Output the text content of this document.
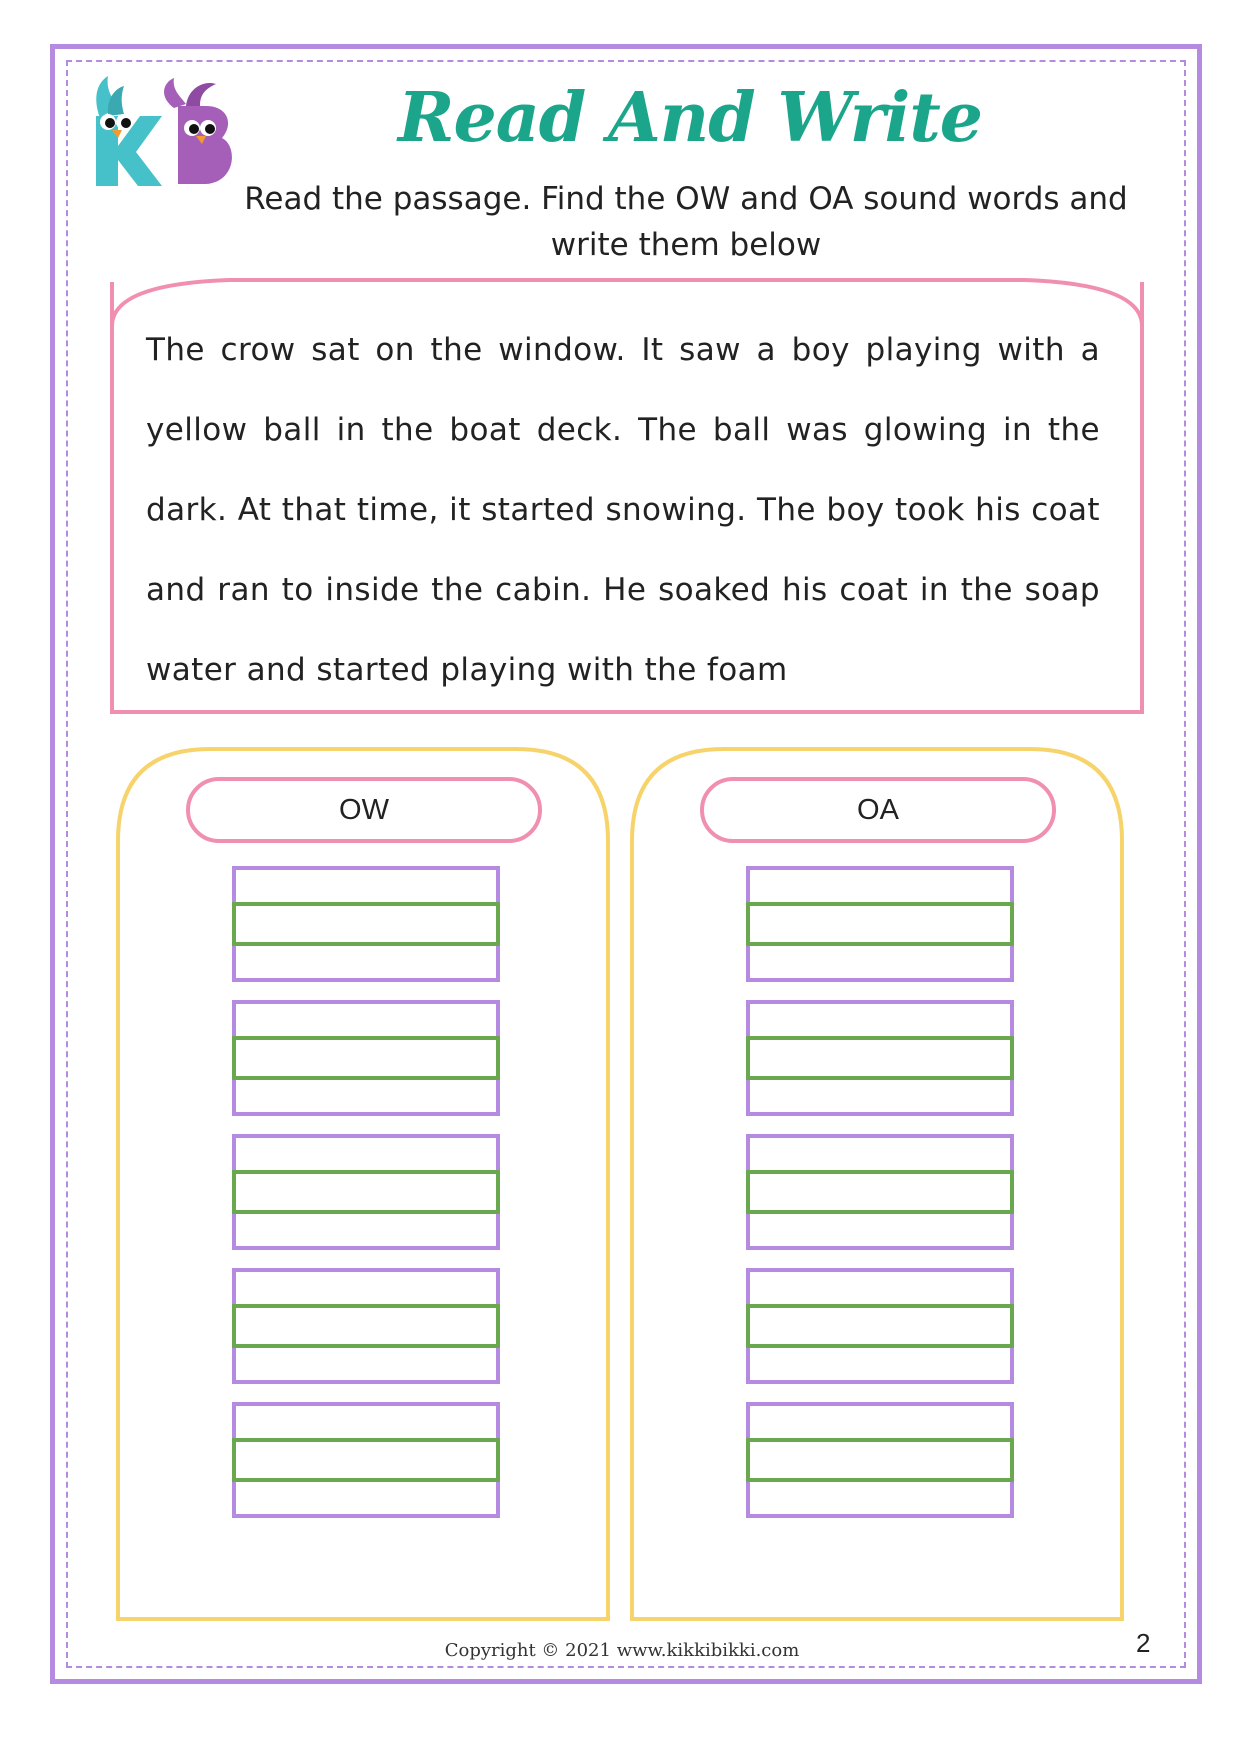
Read And Write
Read the passage. Find the OW and OA sound words and write them below
The crow sat on the window. It saw a boy playing with a yellow ball in the boat deck. The ball was glowing in the dark. At that time, it started snowing. The boy took his coat and ran to inside the cabin. He soaked his coat in the soap water and started playing with the foam
OW	OA
Copyright © 2021 www.kikkibikki.com	2
